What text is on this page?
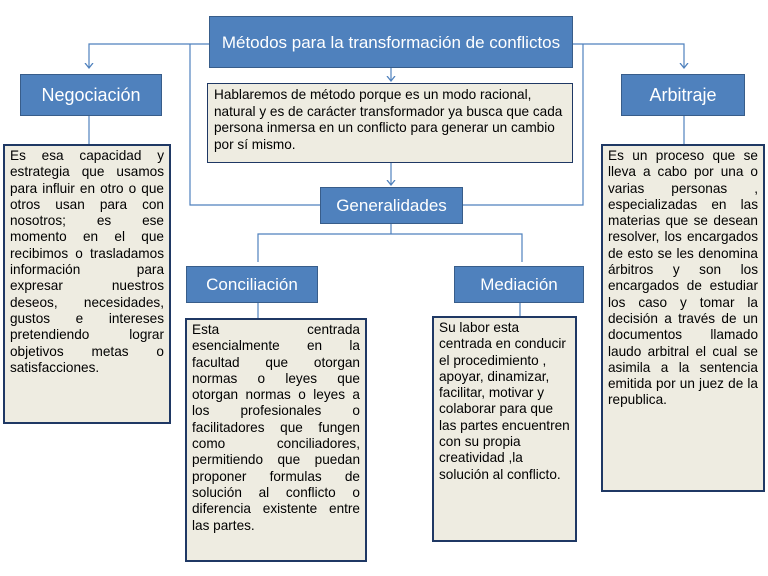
Métodos para la transformación de conflictos
Hablaremos de método porque es un modo racional, natural y es de carácter transformador ya busca que cada persona inmersa en un conflicto para generar un cambio por sí mismo.
Generalidades
Negociación
Es esa capacidad y estrategia que usamos para influir en otro o que otros usan para con nosotros; es ese momento en el que recibimos o trasladamos información para expresar nuestros deseos, necesidades, gustos e intereses pretendiendo lograr objetivos metas o satisfacciones.
Arbitraje
Es un proceso que se lleva a cabo por una o varias personas , especializadas en las materias que se desean resolver, los encargados de esto se les denomina árbitros y son los encargados de estudiar los caso y tomar la decisión a través de un documentos llamado laudo arbitral el cual se asimila a la sentencia emitida por un juez de la republica.
Conciliación
Esta centrada esencialmente en la facultad que otorgan normas o leyes que otorgan normas o leyes a los profesionales o facilitadores que fungen como conciliadores, permitiendo que puedan proponer formulas de solución al conflicto o diferencia existente entre las partes.
Mediación
Su labor esta centrada en conducir el procedimiento , apoyar, dinamizar, facilitar, motivar y colaborar para que las partes encuentren con su propia creatividad ,la solución al conflicto.
